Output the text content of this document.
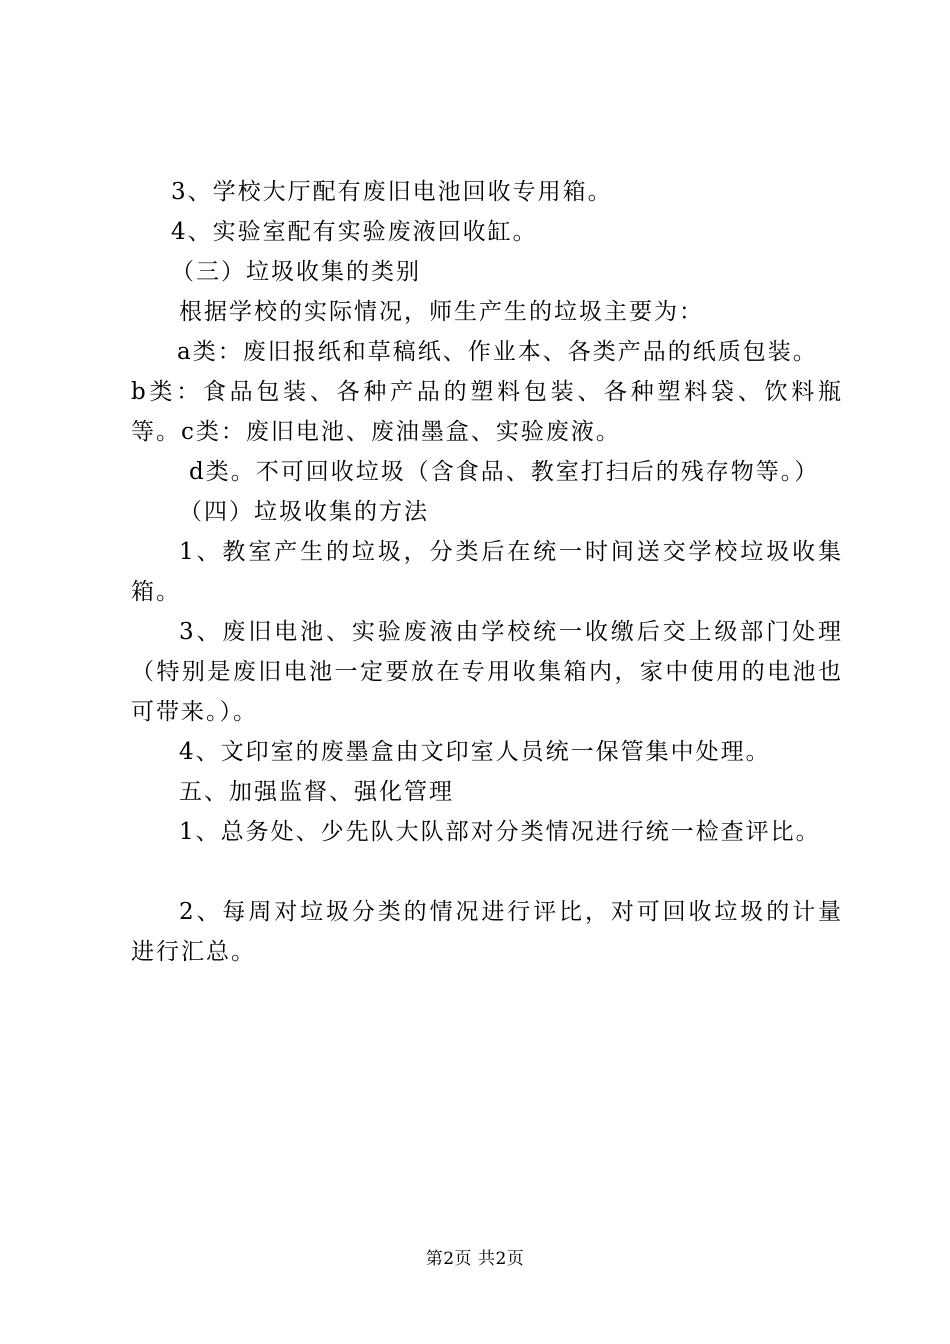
3、学校大厅配有废旧电池回收专用箱。

4、实验室配有实验废液回收缸。

（三）垃圾收集的类别

根据学校的实际情况，师生产生的垃圾主要为：

a类：废旧报纸和草稿纸、作业本、各类产品的纸质包装。

b类：食品包装、各种产品的塑料包装、各种塑料袋、饮料瓶等。c类：废旧电池、废油墨盒、实验废液。

d类。不可回收垃圾（含食品、教室打扫后的残存物等。）

（四）垃圾收集的方法

1、教室产生的垃圾，分类后在统一时间送交学校垃圾收集箱。

3、废旧电池、实验废液由学校统一收缴后交上级部门处理（特别是废旧电池一定要放在专用收集箱内，家中使用的电池也可带来。）。

4、文印室的废墨盒由文印室人员统一保管集中处理。

五、加强监督、强化管理

1、总务处、少先队大队部对分类情况进行统一检查评比。

2、每周对垃圾分类的情况进行评比，对可回收垃圾的计量进行汇总。

第2页 共2页
